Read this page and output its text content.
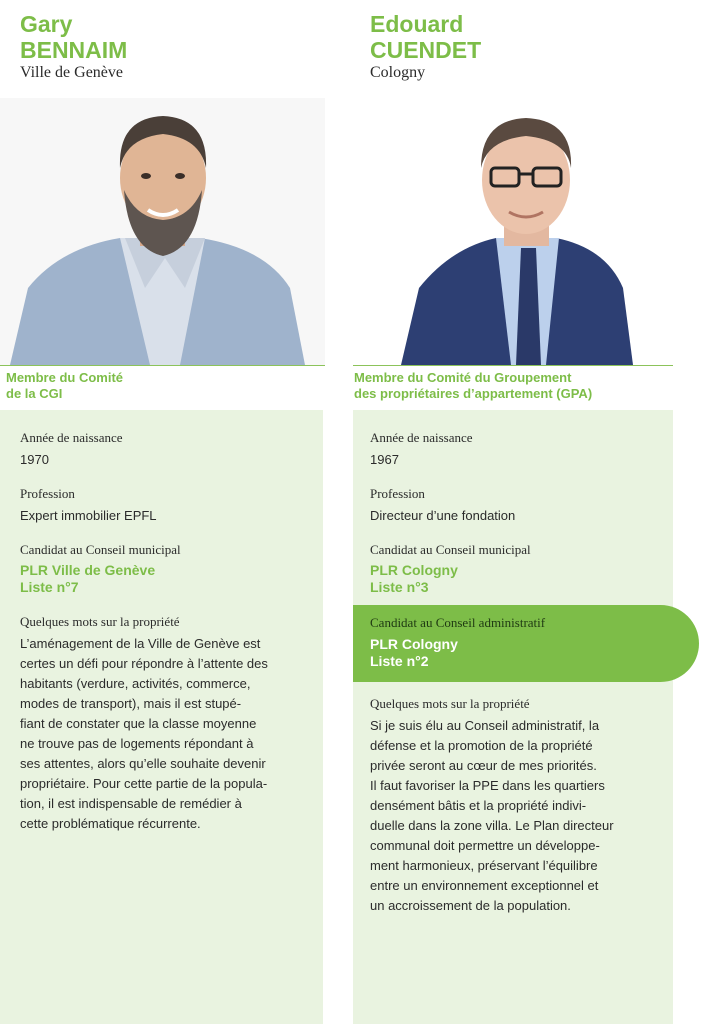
Gary
BENNAIM
Ville de Genève
Membre du Comité
de la CGI
Année de naissance
1970
Profession
Expert immobilier EPFL
Candidat au Conseil municipal
PLR Ville de Genève
Liste n°7
Quelques mots sur la propriété
L’aménagement de la Ville de Genève est
certes un défi pour répondre à l’attente des
habitants (verdure, activités, commerce,
modes de transport), mais il est stupé-
fiant de constater que la classe moyenne
ne trouve pas de logements répondant à
ses attentes, alors qu’elle souhaite devenir
propriétaire. Pour cette partie de la popula-
tion, il est indispensable de remédier à
cette problématique récurrente.
Edouard
CUENDET
Cologny
Membre du Comité du Groupement
des propriétaires d’appartement (GPA)
Année de naissance
1967
Profession
Directeur d’une fondation
Candidat au Conseil municipal
PLR Cologny
Liste n°3
Candidat au Conseil administratif
PLR Cologny
Liste n°2
Quelques mots sur la propriété
Si je suis élu au Conseil administratif, la
défense et la promotion de la propriété
privée seront au cœur de mes priorités.
Il faut favoriser la PPE dans les quartiers
densément bâtis et la propriété indivi-
duelle dans la zone villa. Le Plan directeur
communal doit permettre un développe-
ment harmonieux, préservant l’équilibre
entre un environnement exceptionnel et
un accroissement de la population.
